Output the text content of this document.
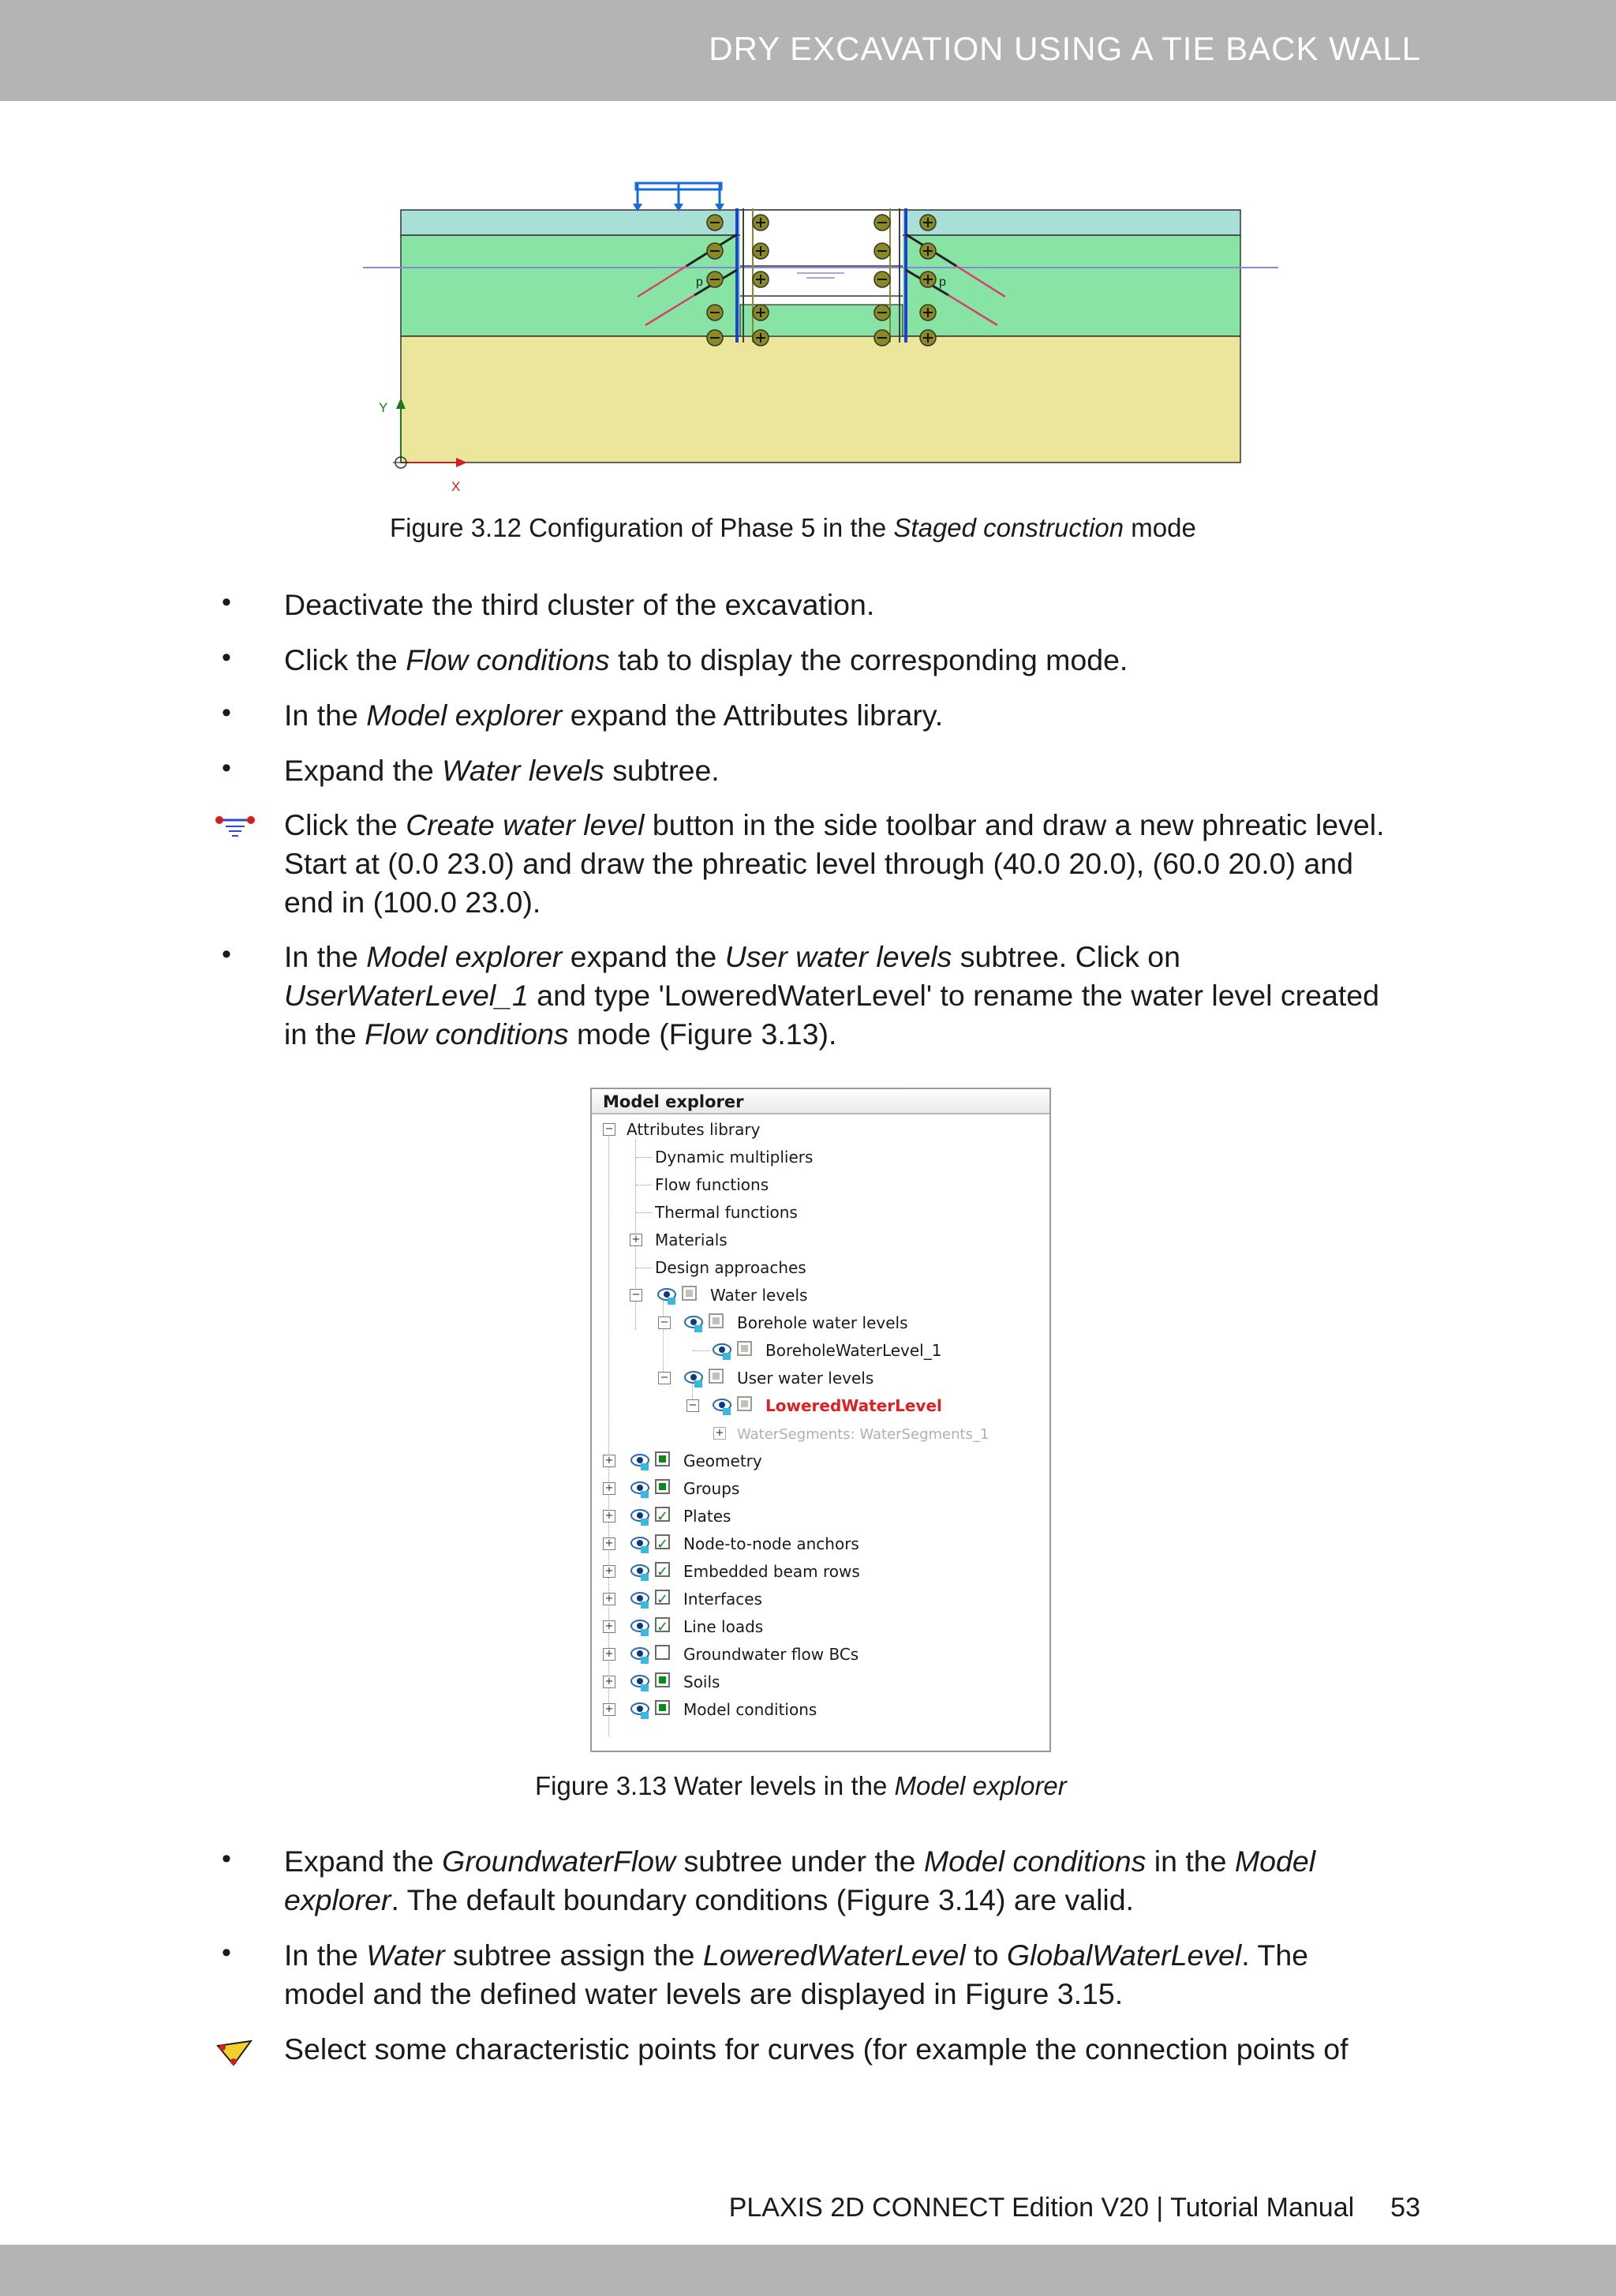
DRY EXCAVATION USING A TIE BACK WALL
p	p
Y
X
Figure 3.12 Configuration of Phase 5 in the Staged construction mode
• Deactivate the third cluster of the excavation.
• Click the Flow conditions tab to display the corresponding mode.
• In the Model explorer expand the Attributes library.
• Expand the Water levels subtree.
Click the Create water level button in the side toolbar and draw a new phreatic level.
Start at (0.0 23.0) and draw the phreatic level through (40.0 20.0), (60.0 20.0) and
end in (100.0 23.0).
• In the Model explorer expand the User water levels subtree. Click on
UserWaterLevel_1 and type 'LoweredWaterLevel' to rename the water level created
in the Flow conditions mode (Figure 3.13).
Model explorer
− Attributes library
Dynamic multipliers
Flow functions
Thermal functions
+ Materials
Design approaches
−	Water levels
−	Borehole water levels
BoreholeWaterLevel_1
−	User water levels
−	LoweredWaterLevel
+ WaterSegments: WaterSegments_1
+	Geometry
+	Groups
+ ✓	Plates
+ ✓	Node-to-node anchors
+ ✓	Embedded beam rows
+ ✓	Interfaces
+ ✓	Line loads
+	Groundwater flow BCs
+	Soils
+	Model conditions
Figure 3.13 Water levels in the Model explorer
• Expand the GroundwaterFlow subtree under the Model conditions in the Model
explorer. The default boundary conditions (Figure 3.14) are valid.
• In the Water subtree assign the LoweredWaterLevel to GlobalWaterLevel. The
model and the defined water levels are displayed in Figure 3.15.
Select some characteristic points for curves (for example the connection points of
PLAXIS 2D CONNECT Edition V20 | Tutorial Manual 53
